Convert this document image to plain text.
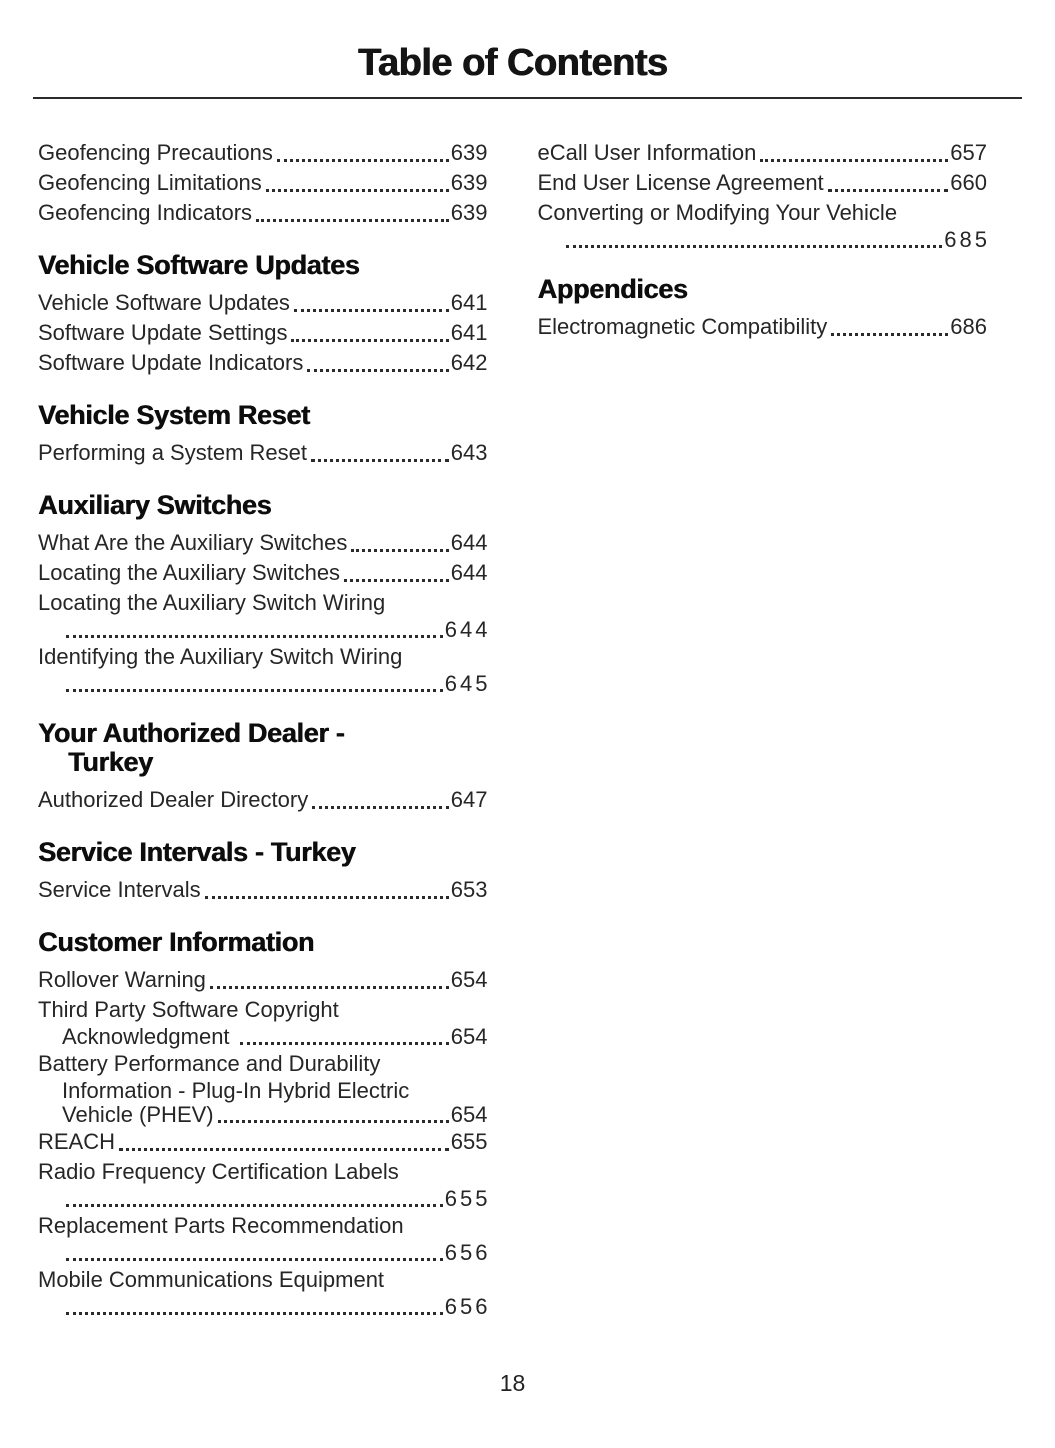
Table of Contents
Geofencing Precautions	639
Geofencing Limitations	639
Geofencing Indicators	639
Vehicle Software Updates
Vehicle Software Updates	641
Software Update Settings	641
Software Update Indicators	642
Vehicle System Reset
Performing a System Reset	643
Auxiliary Switches
What Are the Auxiliary Switches	644
Locating the Auxiliary Switches	644
Locating the Auxiliary Switch Wiring
644
Identifying the Auxiliary Switch Wiring
645
Your Authorized Dealer -
Turkey
Authorized Dealer Directory	647
Service Intervals - Turkey
Service Intervals	653
Customer Information
Rollover Warning	654
Third Party Software Copyright
Acknowledgment	654
Battery Performance and Durability
Information - Plug-In Hybrid Electric
Vehicle (PHEV)	654
REACH	655
Radio Frequency Certification Labels
655
Replacement Parts Recommendation
656
Mobile Communications Equipment
656
eCall User Information	657
End User License Agreement	660
Converting or Modifying Your Vehicle
685
Appendices
Electromagnetic Compatibility	686
18
